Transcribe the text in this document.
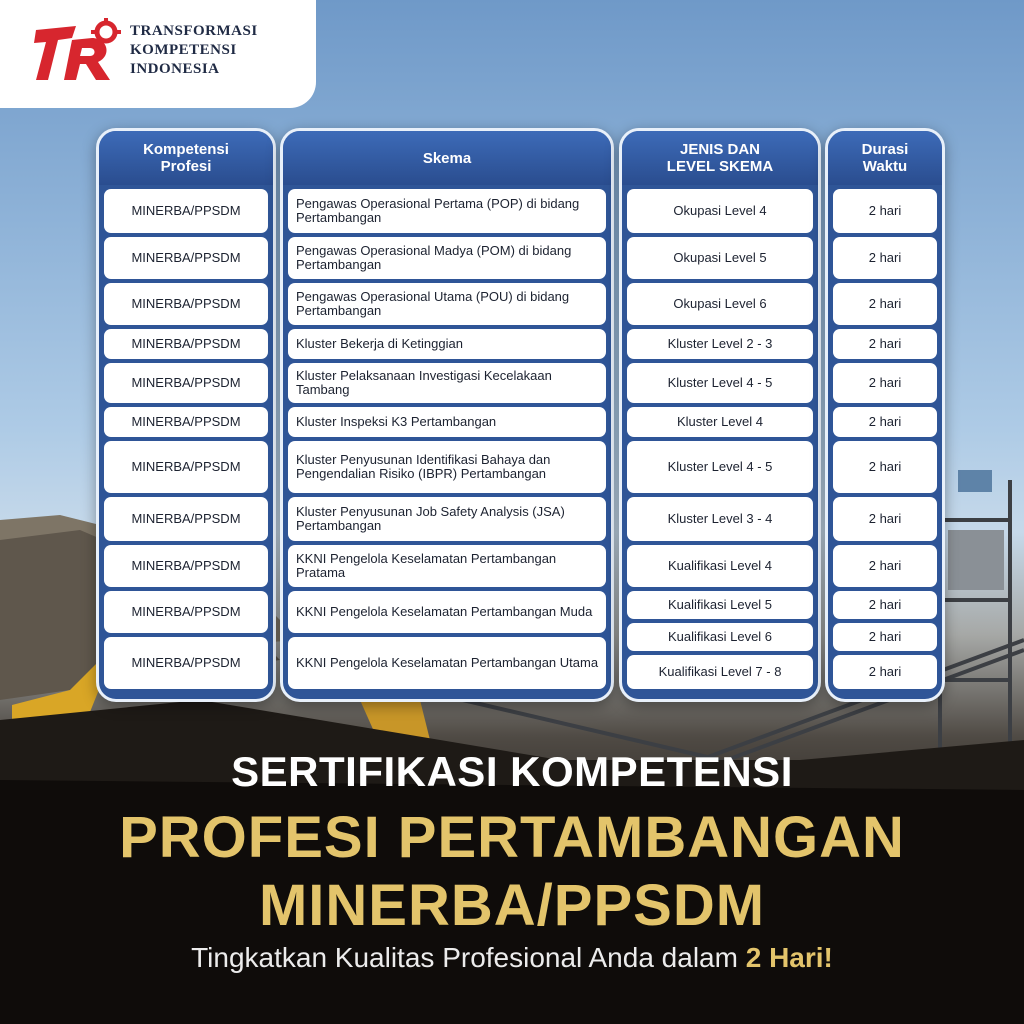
TRANSFORMASI
KOMPETENSI
INDONESIA
Kompetensi
Profesi
MINERBA/PPSDM
MINERBA/PPSDM
MINERBA/PPSDM
MINERBA/PPSDM
MINERBA/PPSDM
MINERBA/PPSDM
MINERBA/PPSDM
MINERBA/PPSDM
MINERBA/PPSDM
MINERBA/PPSDM
MINERBA/PPSDM
Skema
Pengawas Operasional Pertama (POP) di bidang Pertambangan
Pengawas Operasional Madya (POM) di bidang Pertambangan
Pengawas Operasional Utama (POU) di bidang Pertambangan
Kluster Bekerja di Ketinggian
Kluster Pelaksanaan Investigasi Kecelakaan Tambang
Kluster Inspeksi K3 Pertambangan
Kluster Penyusunan Identifikasi Bahaya dan Pengendalian Risiko (IBPR) Pertambangan
Kluster Penyusunan Job Safety Analysis (JSA) Pertambangan
KKNI Pengelola Keselamatan Pertambangan Pratama
KKNI Pengelola Keselamatan Pertambangan Muda
KKNI Pengelola Keselamatan Pertambangan Utama
JENIS DAN
LEVEL SKEMA
Okupasi Level 4
Okupasi Level 5
Okupasi Level 6
Kluster Level 2 - 3
Kluster Level 4 - 5
Kluster Level 4
Kluster Level 4 - 5
Kluster Level 3 - 4
Kualifikasi Level 4
Kualifikasi Level 5
Kualifikasi Level 6
Kualifikasi Level 7 - 8
Durasi
Waktu
2 hari
2 hari
2 hari
2 hari
2 hari
2 hari
2 hari
2 hari
2 hari
2 hari
2 hari
2 hari
SERTIFIKASI KOMPETENSI
PROFESI PERTAMBANGAN
MINERBA/PPSDM
Tingkatkan Kualitas Profesional Anda dalam 2 Hari!
